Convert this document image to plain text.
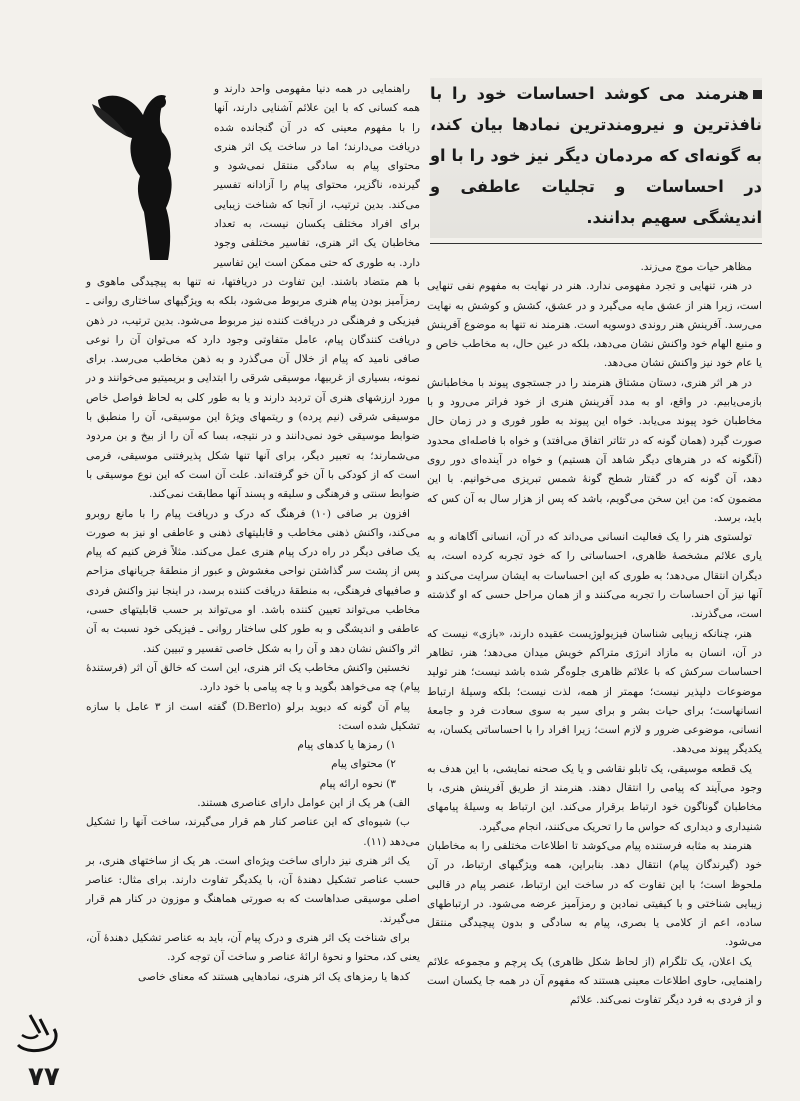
هنرمند می کوشد احساسات خود را با نافذترین و نیرومندترین نمادها بیان کند، به گونه‌ای که مردمان دیگر نیز خود را با او در احساسات و تجلیات عاطفی و اندیشگی سهیم بدانند.

مظاهر حیات موج می‌زند.

در هنر، تنهایی و تجرد مفهومی ندارد. هنر در نهایت به مفهوم نفی تنهایی است، زیرا هنر از عشق مایه می‌گیرد و در عشق، کشش و کوشش به نهایت می‌رسد. آفرینش هنر روندی دوسویه است. هنرمند نه تنها به موضوع آفرینش و منبع الهام خود واکنش نشان می‌دهد، بلکه در عین حال، به مخاطب خاص و یا عام خود نیز واکنش نشان می‌دهد.

در هر اثر هنری، دستان مشتاق هنرمند را در جستجوی پیوند با مخاطبانش بازمی‌یابیم. در واقع، او به مدد آفرینش هنری از خود فراتر می‌رود و با مخاطبان خود پیوند می‌یابد. خواه این پیوند به طور فوری و در زمان حال صورت گیرد (همان گونه که در تئاتر اتفاق می‌افتد) و خواه با فاصله‌ای محدود (آنگونه که در هنرهای دیگر شاهد آن هستیم) و خواه در آینده‌ای دور روی دهد، آن گونه که در گفتار شطح گونهٔ شمس تبریزی می‌خوانیم. با این مضمون که: من این سخن می‌گویم، باشد که پس از هزار سال به آن کس که باید، برسد.

تولستوی هنر را یک فعالیت انسانی می‌داند که در آن، انسانی آگاهانه و به یاری علائم مشخصهٔ ظاهری، احساساتی را که خود تجربه کرده است، به دیگران انتقال می‌دهد؛ به طوری که این احساسات به ایشان سرایت می‌کند و آنها نیز آن احساسات را تجربه می‌کنند و از همان مراحل حسی که او گذشته است، می‌گذرند.

هنر، چنانکه زیبایی شناسان فیزیولوژیست عقیده دارند، «بازی» نیست که در آن، انسان به مازاد انرژی متراکم خویش میدان می‌دهد؛ هنر، تظاهر احساسات سرکش که با علائم ظاهری جلوه‌گر شده باشد نیست؛ هنر تولید موضوعات دلپذیر نیست؛ مهمتر از همه، لذت نیست؛ بلکه وسیلهٔ ارتباط انسانهاست؛ برای حیات بشر و برای سیر به سوی سعادت فرد و جامعهٔ انسانی، موضوعی ضرور و لازم است؛ زیرا افراد را با احساساتی یکسان، به یکدیگر پیوند می‌دهد.

یک قطعه موسیقی، یک تابلو نقاشی و یا یک صحنه نمایشی، با این هدف به وجود می‌آیند که پیامی را انتقال دهند. هنرمند از طریق آفرینش هنری، با مخاطبان گوناگون خود ارتباط برقرار می‌کند. این ارتباط به وسیلهٔ پیامهای شنیداری و دیداری که حواس ما را تحریک می‌کنند، انجام می‌گیرد.

هنرمند به مثابه فرستنده پیام می‌کوشد تا اطلاعات مختلفی را به مخاطبان خود (گیرندگان پیام) انتقال دهد. بنابراین، همه ویژگیهای ارتباط، در آن ملحوظ است؛ با این تفاوت که در ساخت این ارتباط، عنصر پیام در قالبی زیبایی شناختی و با کیفیتی نمادین و رمزآمیز عرضه می‌شود. در ارتباطهای ساده، اعم از کلامی یا بصری، پیام به سادگی و بدون پیچیدگی منتقل می‌شود.

یک اعلان، یک تلگرام (از لحاظ شکل ظاهری) یک پرچم و مجموعه علائم راهنمایی، حاوی اطلاعات معینی هستند که مفهوم آن در همه جا یکسان است و از فردی به فرد دیگر تفاوت نمی‌کند. علائم

راهنمایی در همه دنیا مفهومی واحد دارند و همه کسانی که با این علائم آشنایی دارند، آنها را با مفهوم معینی که در آن گنجانده شده دریافت می‌دارند؛ اما در ساخت یک اثر هنری محتوای پیام به سادگی منتقل نمی‌شود و گیرنده، ناگزیر، محتوای پیام را آزادانه تفسیر می‌کند. بدین ترتیب، از آنجا که شناخت زیبایی برای افراد مختلف یکسان نیست، به تعداد مخاطبان یک اثر هنری، تفاسیر مختلفی وجود دارد. به طوری که حتی ممکن است این تفاسیر با هم متضاد باشند. این تفاوت در دریافتها، نه تنها به پیچیدگی ماهوی و رمزآمیز بودن پیام هنری مربوط می‌شود، بلکه به ویژگیهای ساختاری روانی ـ فیزیکی و فرهنگی در دریافت کننده نیز مربوط می‌شود. بدین ترتیب، در ذهن دریافت کنندگان پیام، عامل متفاوتی وجود دارد که می‌توان آن را نوعی صافی نامید که پیام از خلال آن می‌گذرد و به ذهن مخاطب می‌رسد. برای نمونه، بسیاری از غربیها، موسیقی شرقی را ابتدایی و بریمیتیو می‌خوانند و در مورد ارزشهای هنری آن تردید دارند و یا به طور کلی به لحاظ فواصل خاص موسیقی شرقی (نیم پرده) و ریتمهای ویژهٔ این موسیقی، آن را منطبق با ضوابط موسیقی خود نمی‌دانند و در نتیجه، بسا که آن را از بیخ و بن مردود می‌شمارند؛ به تعبیر دیگر، برای آنها تنها شکل پذیرفتنی موسیقی، فرمی است که از کودکی با آن خو گرفته‌اند. علت آن است که این نوع موسیقی با ضوابط سنتی و فرهنگی و سلیقه و پسند آنها مطابقت نمی‌کند.

افزون بر صافی (۱۰) فرهنگ که درک و دریافت پیام را با مانع روبرو می‌کند، واکنش ذهنی مخاطب و قابلیتهای ذهنی و عاطفی او نیز به صورت یک صافی دیگر در راه درک پیام هنری عمل می‌کند. مثلاً فرض کنیم که پیام پس از پشت سر گذاشتن نواحی مغشوش و عبور از منطقهٔ جریانهای مزاحم و صافیهای فرهنگی، به منطقهٔ دریافت کننده برسد، در اینجا نیز واکنش فردی مخاطب می‌تواند تعیین کننده باشد. او می‌تواند بر حسب قابلیتهای حسی، عاطفی و اندیشگی و به طور کلی ساختار روانی ـ فیزیکی خود نسبت به آن اثر واکنش نشان دهد و آن را به شکل خاصی تفسیر و تبیین کند.

نخستین واکنش مخاطب یک اثر هنری، این است که خالق آن اثر (فرستندهٔ پیام) چه می‌خواهد بگوید و با چه پیامی با خود دارد.

پیام آن گونه که دیوید برلو (D.Berlo) گفته است از ۳ عامل با سازه تشکیل شده است:

۱) رمزها یا کدهای پیام
۲) محتوای پیام
۳) نحوه ارائه پیام

الف) هر یک از این عوامل دارای عناصری هستند.

ب) شیوه‌ای که این عناصر کنار هم قرار می‌گیرند، ساخت آنها را تشکیل می‌دهد (۱۱).

یک اثر هنری نیز دارای ساخت ویژه‌ای است. هر یک از ساختهای هنری، بر حسب عناصر تشکیل دهندهٔ آن، با یکدیگر تفاوت دارند. برای مثال: عناصر اصلی موسیقی صداهاست که به صورتی هماهنگ و موزون در کنار هم قرار می‌گیرند.

برای شناخت یک اثر هنری و درک پیام آن، باید به عناصر تشکیل دهندهٔ آن، یعنی کد، محتوا و نحوهٔ ارائهٔ عناصر و ساخت آن توجه کرد.

کدها یا رمزهای یک اثر هنری، نمادهایی هستند که معنای خاصی

۷۷
